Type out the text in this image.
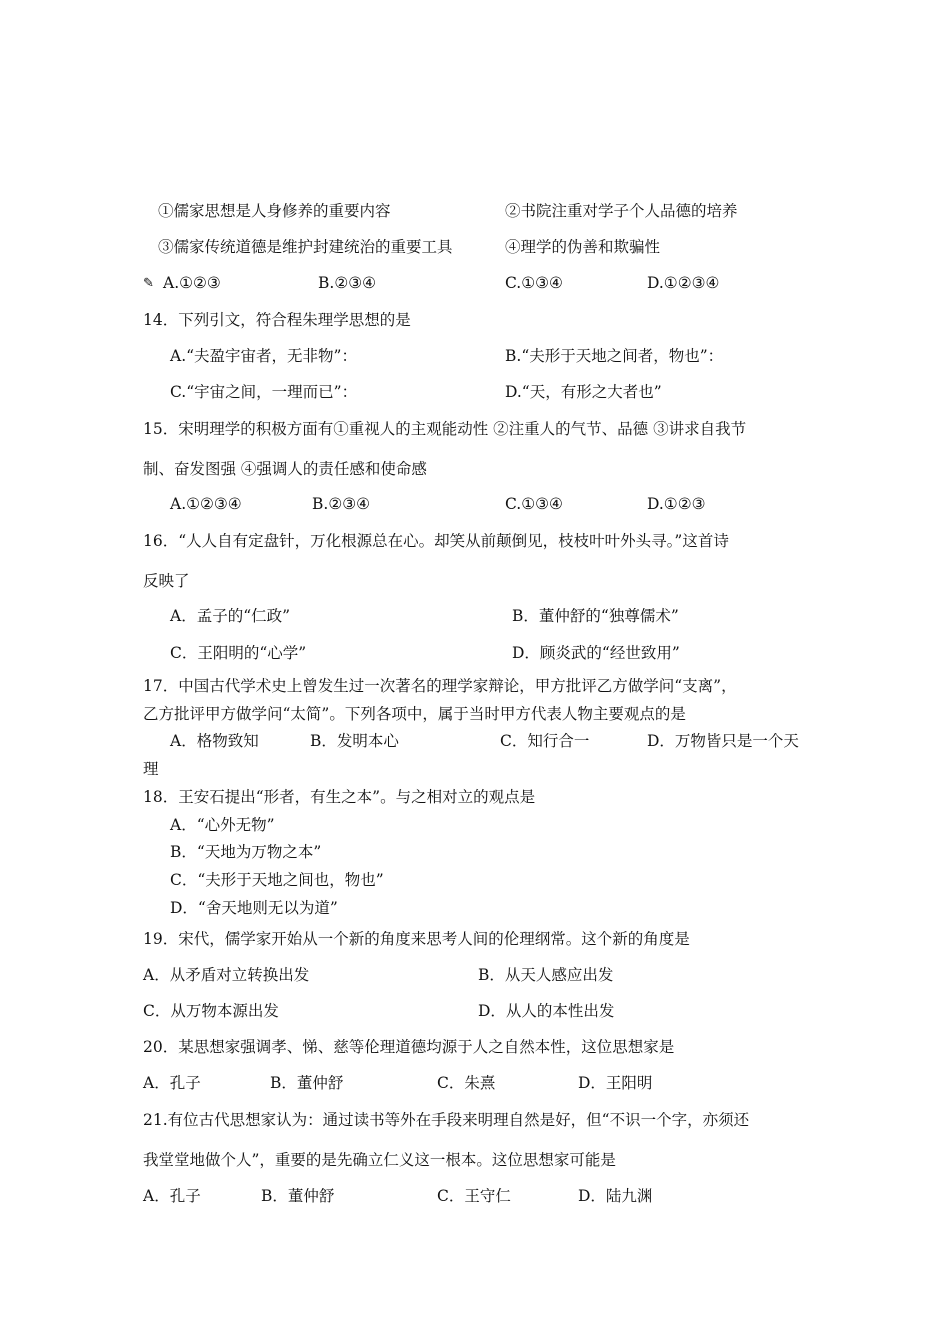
①儒家思想是人身修养的重要内容	②书院注重对学子个人品德的培养
③儒家传统道德是维护封建统治的重要工具	④理学的伪善和欺骗性
✎ A.①②③	B.②③④	C.①③④	D.①②③④
14．下列引文，符合程朱理学思想的是
A.“夫盈宇宙者，无非物”：	B.“夫形于天地之间者，物也”：
C.“宇宙之间，一理而已”：	D.“天，有形之大者也”
15．宋明理学的积极方面有①重视人的主观能动性 ②注重人的气节、品德 ③讲求自我节
制、奋发图强 ④强调人的责任感和使命感
A.①②③④	B.②③④	C.①③④	D.①②③
16．“人人自有定盘针，万化根源总在心。却笑从前颠倒见，枝枝叶叶外头寻。”这首诗
反映了
A．孟子的“仁政”	B．董仲舒的“独尊儒术”
C．王阳明的“心学”	D．顾炎武的“经世致用”
17．中国古代学术史上曾发生过一次著名的理学家辩论，甲方批评乙方做学问“支离”，
乙方批评甲方做学问“太简”。下列各项中，属于当时甲方代表人物主要观点的是
A．格物致知	B．发明本心	C．知行合一	D．万物皆只是一个天
理
18．王安石提出“形者，有生之本”。与之相对立的观点是
A．“心外无物”
B．“天地为万物之本”
C．“夫形于天地之间也，物也”
D．“舍天地则无以为道”
19．宋代，儒学家开始从一个新的角度来思考人间的伦理纲常。这个新的角度是
A．从矛盾对立转换出发	B．从天人感应出发
C．从万物本源出发	D．从人的本性出发
20．某思想家强调孝、悌、慈等伦理道德均源于人之自然本性，这位思想家是
A．孔子	B．董仲舒	C．朱熹	D．王阳明
21.有位古代思想家认为：通过读书等外在手段来明理自然是好，但“不识一个字，亦须还
我堂堂地做个人”，重要的是先确立仁义这一根本。这位思想家可能是
A．孔子	B．董仲舒	C．王守仁	D．陆九渊
